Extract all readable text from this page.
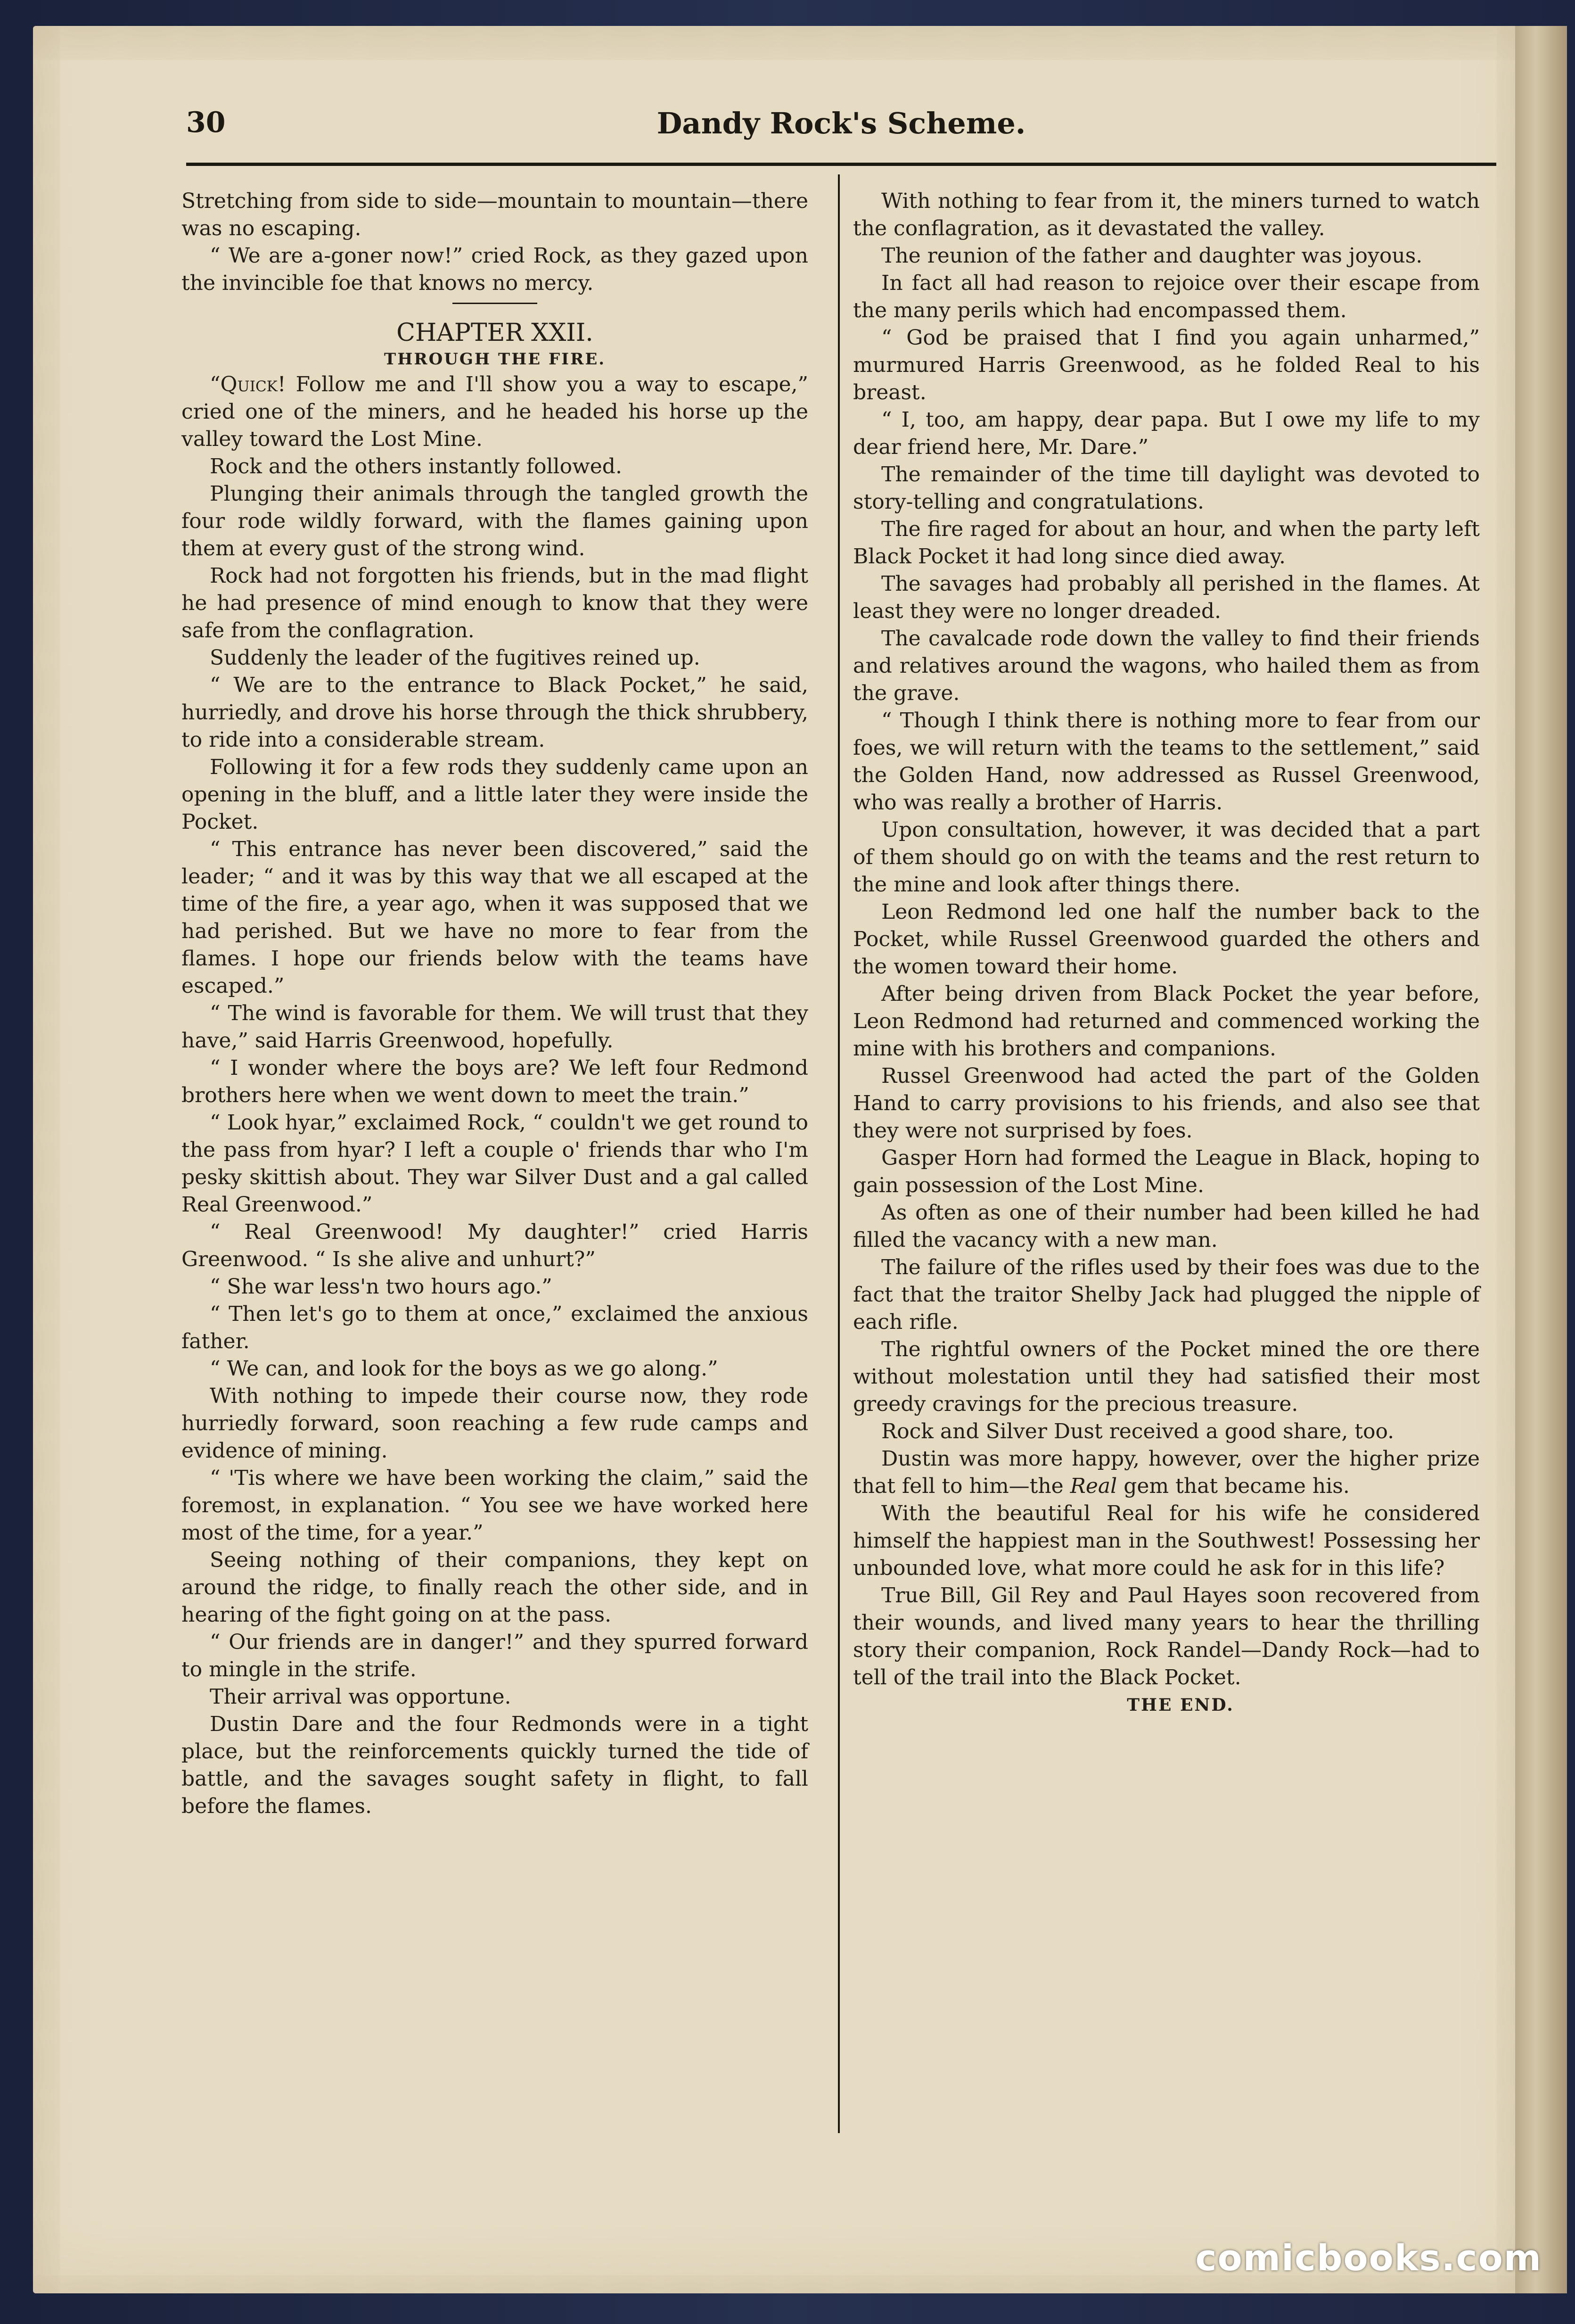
30	Dandy Rock's Scheme.

Stretching from side to side—mountain to mountain—there was no escaping.

“ We are a-goner now!” cried Rock, as they gazed upon the invincible foe that knows no mercy.

CHAPTER XXII.
THROUGH THE FIRE.

“Quick! Follow me and I'll show you a way to escape,” cried one of the miners, and he headed his horse up the valley toward the Lost Mine.

Rock and the others instantly followed.

Plunging their animals through the tangled growth the four rode wildly forward, with the flames gaining upon them at every gust of the strong wind.

Rock had not forgotten his friends, but in the mad flight he had presence of mind enough to know that they were safe from the conflagration.

Suddenly the leader of the fugitives reined up.

“ We are to the entrance to Black Pocket,” he said, hurriedly, and drove his horse through the thick shrubbery, to ride into a considerable stream.

Following it for a few rods they suddenly came upon an opening in the bluff, and a little later they were inside the Pocket.

“ This entrance has never been discovered,” said the leader; “ and it was by this way that we all escaped at the time of the fire, a year ago, when it was supposed that we had perished. But we have no more to fear from the flames. I hope our friends below with the teams have escaped.”

“ The wind is favorable for them. We will trust that they have,” said Harris Greenwood, hopefully.

“ I wonder where the boys are? We left four Redmond brothers here when we went down to meet the train.”

“ Look hyar,” exclaimed Rock, “ couldn't we get round to the pass from hyar? I left a couple o' friends thar who I'm pesky skittish about. They war Silver Dust and a gal called Real Greenwood.”

“ Real Greenwood! My daughter!” cried Harris Greenwood. “ Is she alive and unhurt?”

“ She war less'n two hours ago.”

“ Then let's go to them at once,” exclaimed the anxious father.

“ We can, and look for the boys as we go along.”

With nothing to impede their course now, they rode hurriedly forward, soon reaching a few rude camps and evidence of mining.

“ 'Tis where we have been working the claim,” said the foremost, in explanation. “ You see we have worked here most of the time, for a year.”

Seeing nothing of their companions, they kept on around the ridge, to finally reach the other side, and in hearing of the fight going on at the pass.

“ Our friends are in danger!” and they spurred forward to mingle in the strife.

Their arrival was opportune.

Dustin Dare and the four Redmonds were in a tight place, but the reinforcements quickly turned the tide of battle, and the savages sought safety in flight, to fall before the flames.

With nothing to fear from it, the miners turned to watch the conflagration, as it devastated the valley.

The reunion of the father and daughter was joyous.

In fact all had reason to rejoice over their escape from the many perils which had encompassed them.

“ God be praised that I find you again unharmed,” murmured Harris Greenwood, as he folded Real to his breast.

“ I, too, am happy, dear papa. But I owe my life to my dear friend here, Mr. Dare.”

The remainder of the time till daylight was devoted to story-telling and congratulations.

The fire raged for about an hour, and when the party left Black Pocket it had long since died away.

The savages had probably all perished in the flames. At least they were no longer dreaded.

The cavalcade rode down the valley to find their friends and relatives around the wagons, who hailed them as from the grave.

“ Though I think there is nothing more to fear from our foes, we will return with the teams to the settlement,” said the Golden Hand, now addressed as Russel Greenwood, who was really a brother of Harris.

Upon consultation, however, it was decided that a part of them should go on with the teams and the rest return to the mine and look after things there.

Leon Redmond led one half the number back to the Pocket, while Russel Greenwood guarded the others and the women toward their home.

After being driven from Black Pocket the year before, Leon Redmond had returned and commenced working the mine with his brothers and companions.

Russel Greenwood had acted the part of the Golden Hand to carry provisions to his friends, and also see that they were not surprised by foes.

Gasper Horn had formed the League in Black, hoping to gain possession of the Lost Mine.

As often as one of their number had been killed he had filled the vacancy with a new man.

The failure of the rifles used by their foes was due to the fact that the traitor Shelby Jack had plugged the nipple of each rifle.

The rightful owners of the Pocket mined the ore there without molestation until they had satisfied their most greedy cravings for the precious treasure.

Rock and Silver Dust received a good share, too.

Dustin was more happy, however, over the higher prize that fell to him—the Real gem that became his.

With the beautiful Real for his wife he considered himself the happiest man in the Southwest! Possessing her unbounded love, what more could he ask for in this life?

True Bill, Gil Rey and Paul Hayes soon recovered from their wounds, and lived many years to hear the thrilling story their companion, Rock Randel—Dandy Rock—had to tell of the trail into the Black Pocket.

THE END.

comicbooks.com
